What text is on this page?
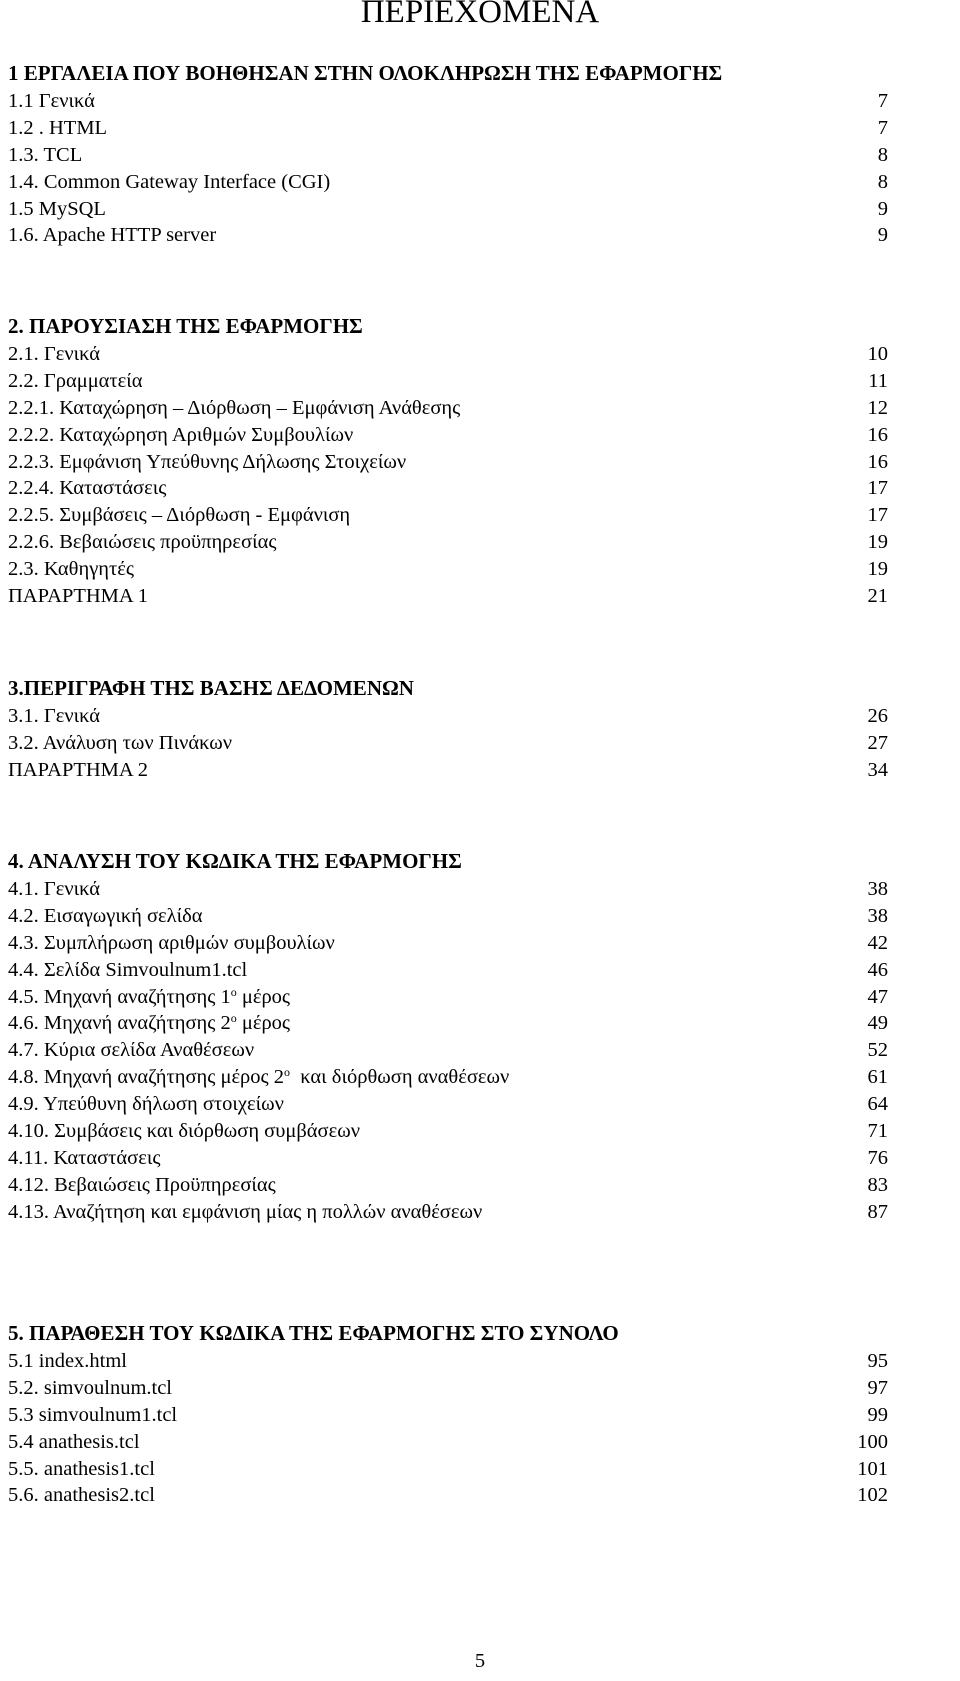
ΠΕΡΙΕΧΟΜΕΝΑ
1 ΕΡΓΑΛΕΙΑ ΠΟΥ ΒΟΗΘΗΣΑΝ ΣΤΗΝ ΟΛΟΚΛΗΡΩΣΗ ΤΗΣ ΕΦΑΡΜΟΓΗΣ
1.1 Γενικά	7
1.2 . HTML	7
1.3. TCL	8
1.4. Common Gateway Interface (CGI)	8
1.5 MySQL	9
1.6. Apache HTTP server	9
2. ΠΑΡΟΥΣΙΑΣΗ ΤΗΣ ΕΦΑΡΜΟΓΗΣ
2.1. Γενικά	10
2.2. Γραμματεία	11
2.2.1. Καταχώρηση – Διόρθωση – Εμφάνιση Ανάθεσης	12
2.2.2. Καταχώρηση Αριθμών Συμβουλίων	16
2.2.3. Εμφάνιση Υπεύθυνης Δήλωσης Στοιχείων	16
2.2.4. Καταστάσεις	17
2.2.5. Συμβάσεις – Διόρθωση - Εμφάνιση	17
2.2.6. Βεβαιώσεις προϋπηρεσίας	19
2.3. Καθηγητές	19
ΠΑΡΑΡΤΗΜΑ 1	21
3.ΠΕΡΙΓΡΑΦΗ ΤΗΣ ΒΑΣΗΣ ΔΕΔΟΜΕΝΩΝ
3.1. Γενικά	26
3.2. Ανάλυση των Πινάκων	27
ΠΑΡΑΡΤΗΜΑ 2	34
4. ΑΝΑΛΥΣΗ ΤΟΥ ΚΩΔΙΚΑ ΤΗΣ ΕΦΑΡΜΟΓΗΣ
4.1. Γενικά	38
4.2. Εισαγωγική σελίδα	38
4.3. Συμπλήρωση αριθμών συμβουλίων	42
4.4. Σελίδα Simvoulnum1.tcl	46
4.5. Μηχανή αναζήτησης $1^o$ μέρος	47
4.6. Μηχανή αναζήτησης $2^o$ μέρος	49
4.7. Κύρια σελίδα Αναθέσεων	52
4.8. Μηχανή αναζήτησης μέρος $2^o$  και διόρθωση αναθέσεων	61
4.9. Υπεύθυνη δήλωση στοιχείων	64
4.10. Συμβάσεις και διόρθωση συμβάσεων	71
4.11. Καταστάσεις	76
4.12. Βεβαιώσεις Προϋπηρεσίας	83
4.13. Αναζήτηση και εμφάνιση μίας η πολλών αναθέσεων	87
5. ΠΑΡΑΘΕΣΗ ΤΟΥ ΚΩΔΙΚΑ ΤΗΣ ΕΦΑΡΜΟΓΗΣ ΣΤΟ ΣΥΝΟΛΟ
5.1 index.html	95
5.2. simvoulnum.tcl	97
5.3 simvoulnum1.tcl	99
5.4 anathesis.tcl	100
5.5. anathesis1.tcl	101
5.6. anathesis2.tcl	102
5
